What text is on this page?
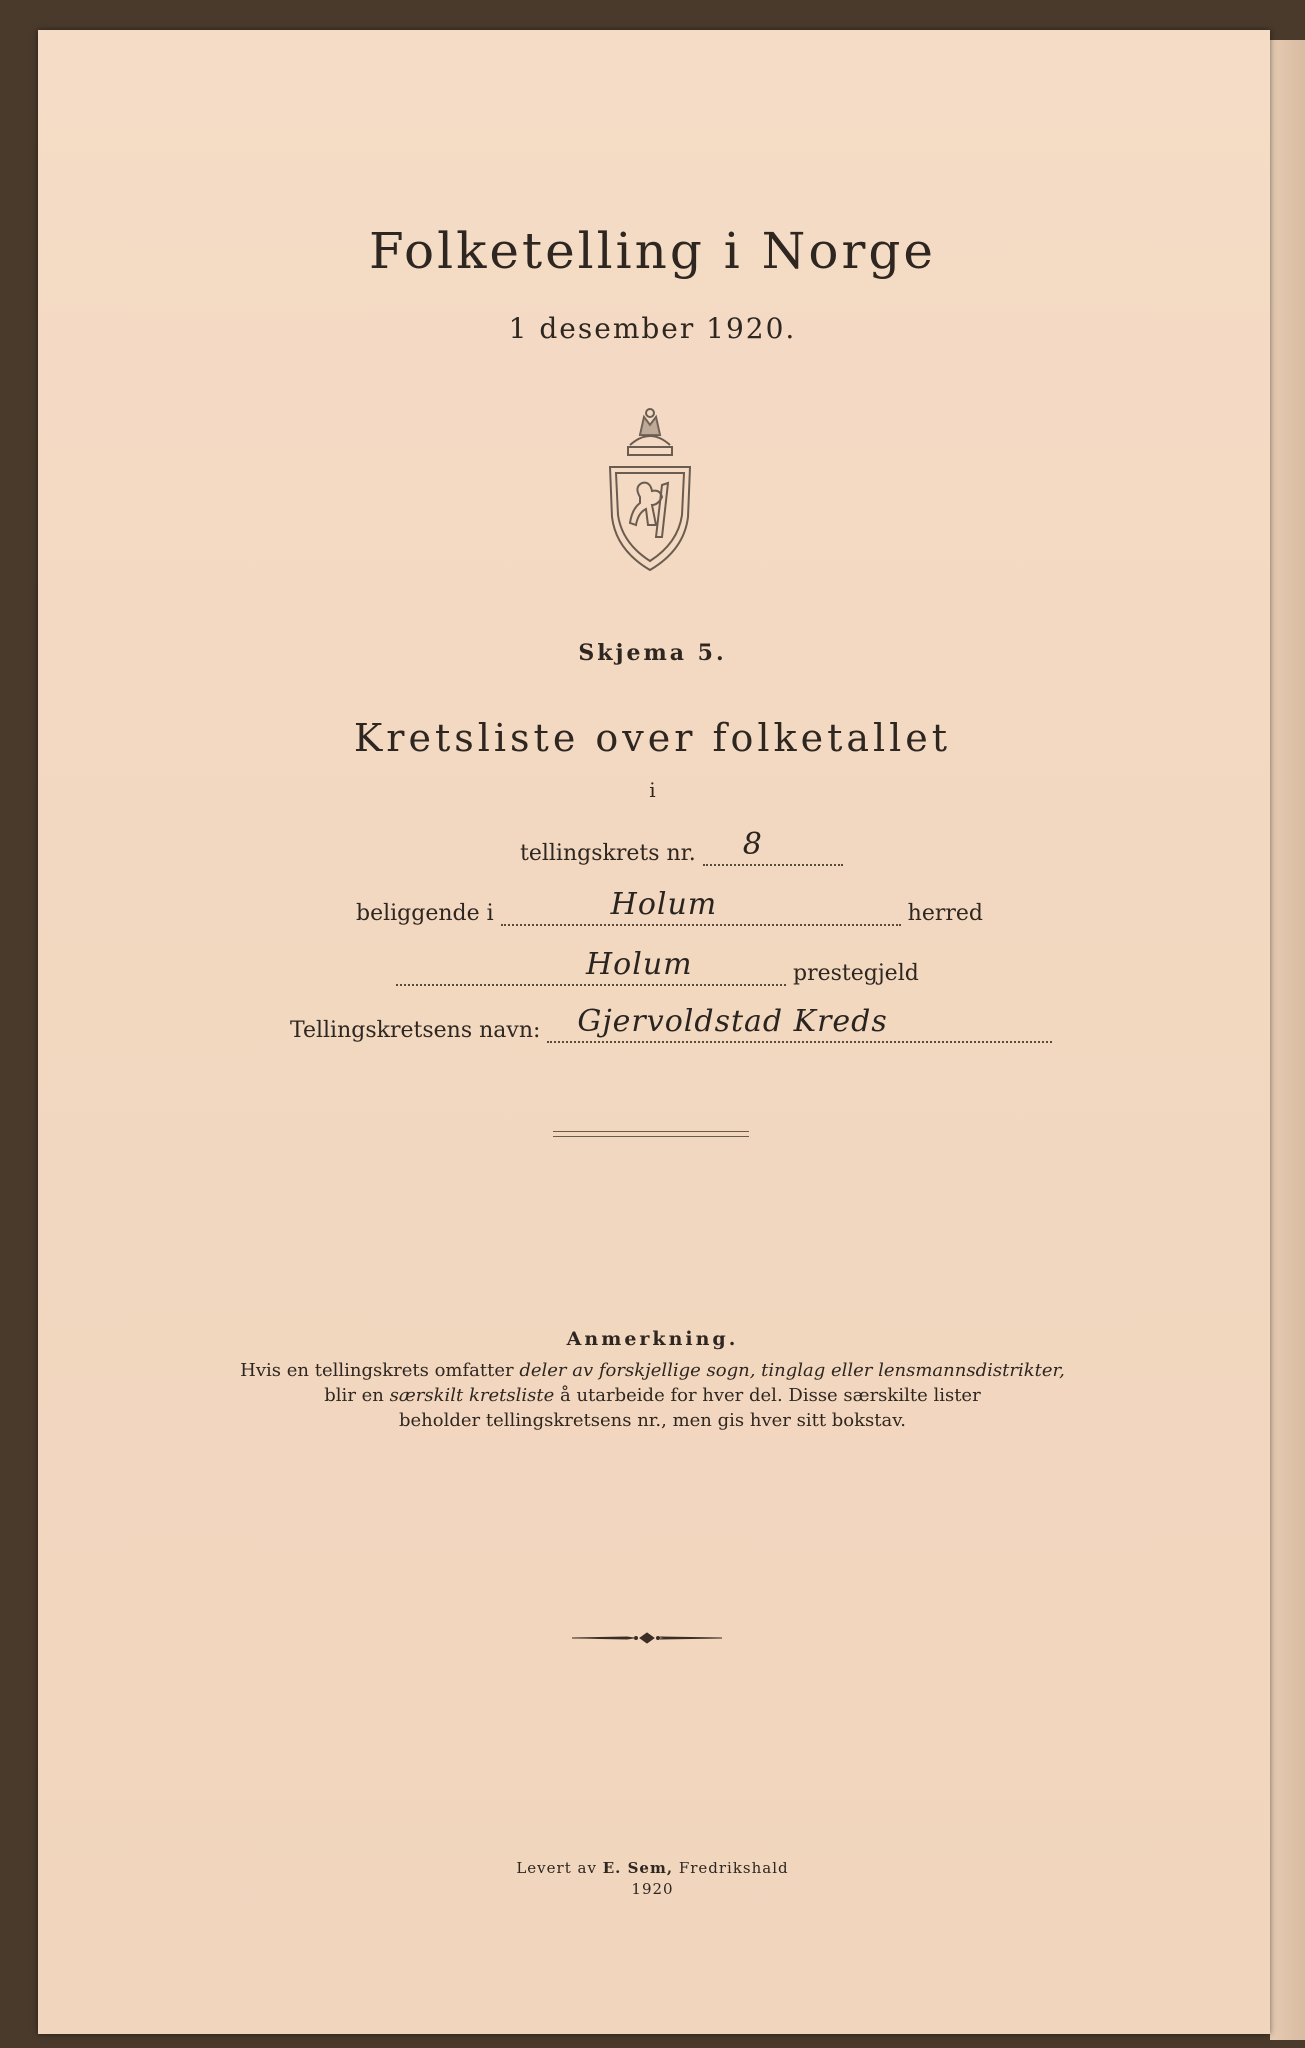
Folketelling i Norge
1 desember 1920.
Skjema 5.
Kretsliste over folketallet
i
tellingskrets nr. 8
beliggende i	Holum	herred
Holum	prestegjeld
Tellingskretsens navn: Gjervoldstad Kreds
Anmerkning.
Hvis en tellingskrets omfatter deler av forskjellige sogn, tinglag eller lensmannsdistrikter,
blir en særskilt kretsliste å utarbeide for hver del. Disse særskilte lister
beholder tellingskretsens nr., men gis hver sitt bokstav.
Levert av E. Sem, Fredrikshald
1920
